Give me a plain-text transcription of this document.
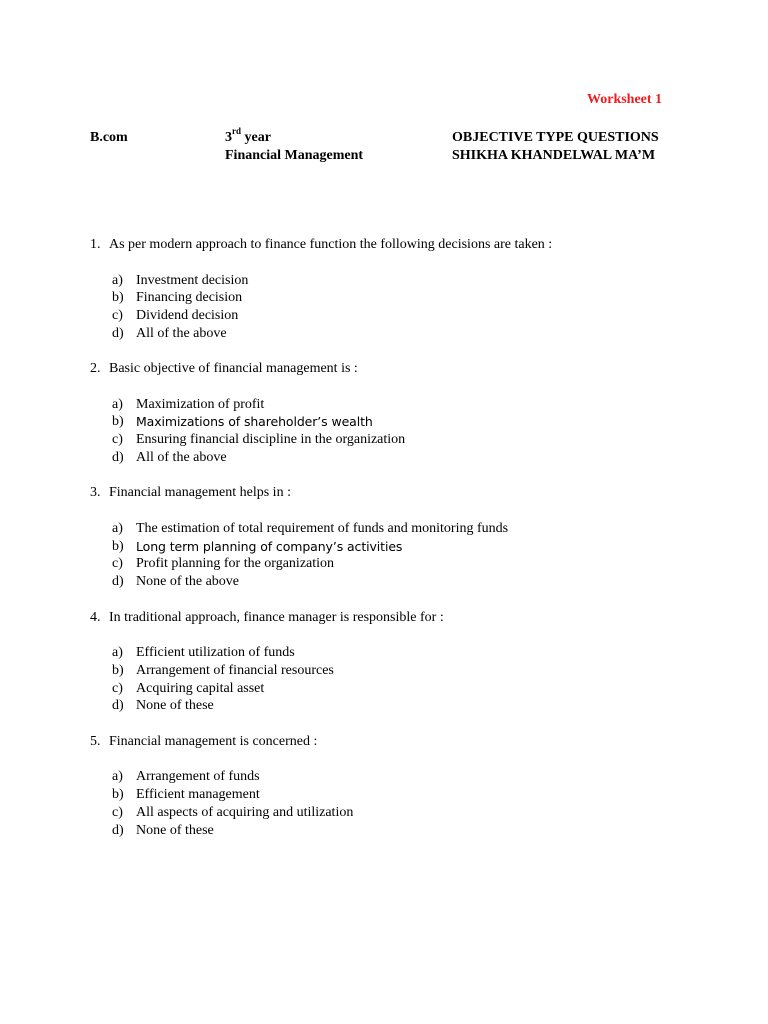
Worksheet 1
B.com	3rd year
Financial Management
OBJECTIVE TYPE QUESTIONS
SHIKHA KHANDELWAL MA’M
1. As per modern approach to finance function the following decisions are taken :
a) Investment decision
b) Financing decision
c) Dividend decision
d) All of the above
2. Basic objective of financial management is :
a) Maximization of profit
b) Maximizations of shareholder’s wealth
c) Ensuring financial discipline in the organization
d) All of the above
3. Financial management helps in :
a) The estimation of total requirement of funds and monitoring funds
b) Long term planning of company’s activities
c) Profit planning for the organization
d) None of the above
4. In traditional approach, finance manager is responsible for :
a) Efficient utilization of funds
b) Arrangement of financial resources
c) Acquiring capital asset
d) None of these
5. Financial management is concerned :
a) Arrangement of funds
b) Efficient management
c) All aspects of acquiring and utilization
d) None of these
